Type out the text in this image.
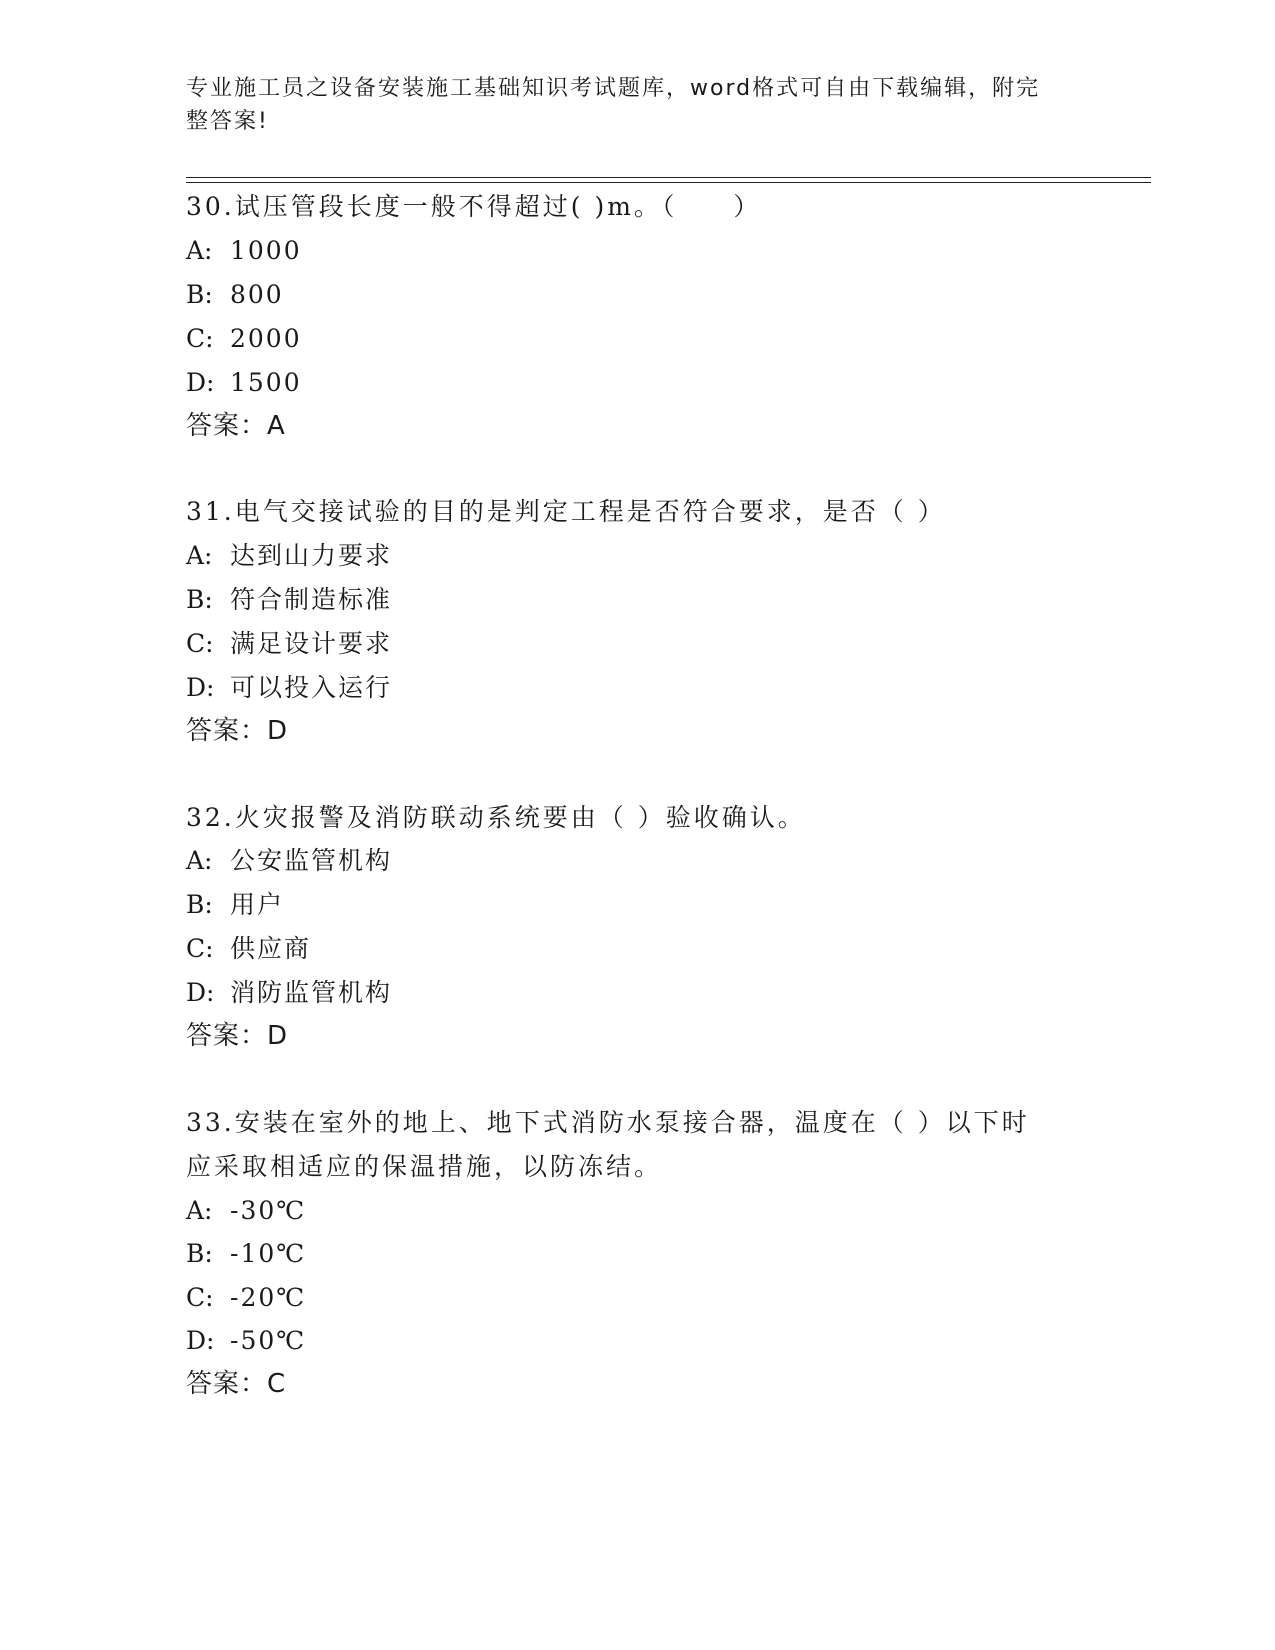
专业施工员之设备安装施工基础知识考试题库，word格式可自由下载编辑，附完
整答案!
30.试压管段长度一般不得超过( )m。（　　）
A: 1000
B: 800
C: 2000
D: 1500
答案：A
31.电气交接试验的目的是判定工程是否符合要求，是否（ ）
A: 达到山力要求
B: 符合制造标准
C: 满足设计要求
D: 可以投入运行
答案：D
32.火灾报警及消防联动系统要由（ ）验收确认。
A: 公安监管机构
B: 用户
C: 供应商
D: 消防监管机构
答案：D
33.安装在室外的地上、地下式消防水泵接合器，温度在（ ）以下时
应采取相适应的保温措施，以防冻结。
A: -30℃
B: -10℃
C: -20℃
D: -50℃
答案：C
